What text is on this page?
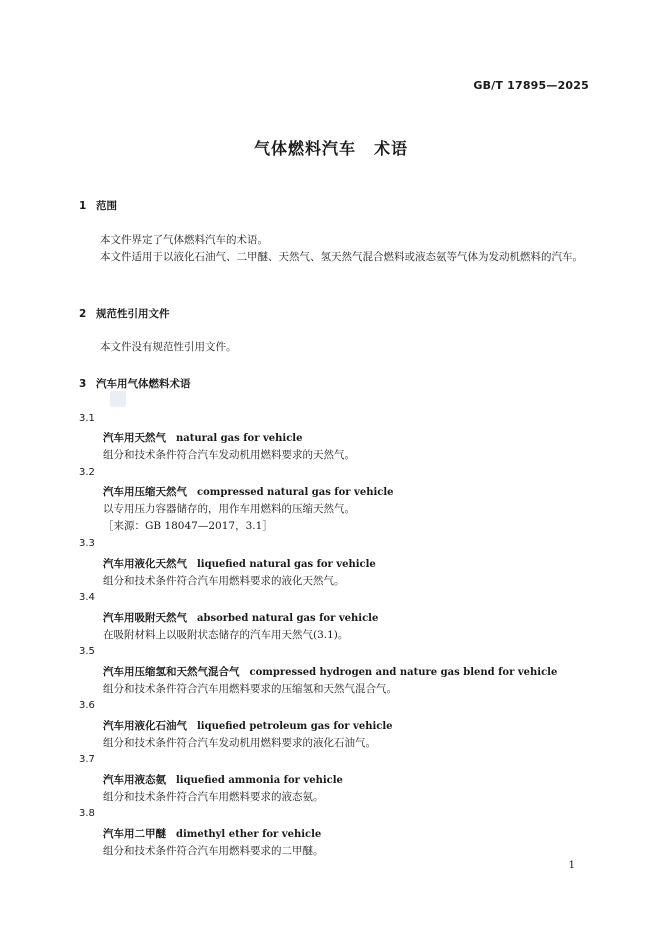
GB/T 17895—2025
气体燃料汽车 术语
1 范围
本文件界定了气体燃料汽车的术语。
本文件适用于以液化石油气、二甲醚、天然气、氢天然气混合燃料或液态氨等气体为发动机燃料的汽车。
2 规范性引用文件
本文件没有规范性引用文件。
3 汽车用气体燃料术语
3.1
汽车用天然气 natural gas for vehicle
组分和技术条件符合汽车发动机用燃料要求的天然气。
3.2
汽车用压缩天然气 compressed natural gas for vehicle
以专用压力容器储存的，用作车用燃料的压缩天然气。
［来源：GB 18047—2017，3.1］
3.3
汽车用液化天然气 liquefied natural gas for vehicle
组分和技术条件符合汽车用燃料要求的液化天然气。
3.4
汽车用吸附天然气 absorbed natural gas for vehicle
在吸附材料上以吸附状态储存的汽车用天然气(3.1)。
3.5
汽车用压缩氢和天然气混合气 compressed hydrogen and nature gas blend for vehicle
组分和技术条件符合汽车用燃料要求的压缩氢和天然气混合气。
3.6
汽车用液化石油气 liquefied petroleum gas for vehicle
组分和技术条件符合汽车发动机用燃料要求的液化石油气。
3.7
汽车用液态氨 liquefied ammonia for vehicle
组分和技术条件符合汽车用燃料要求的液态氨。
3.8
汽车用二甲醚 dimethyl ether for vehicle
组分和技术条件符合汽车用燃料要求的二甲醚。
1
